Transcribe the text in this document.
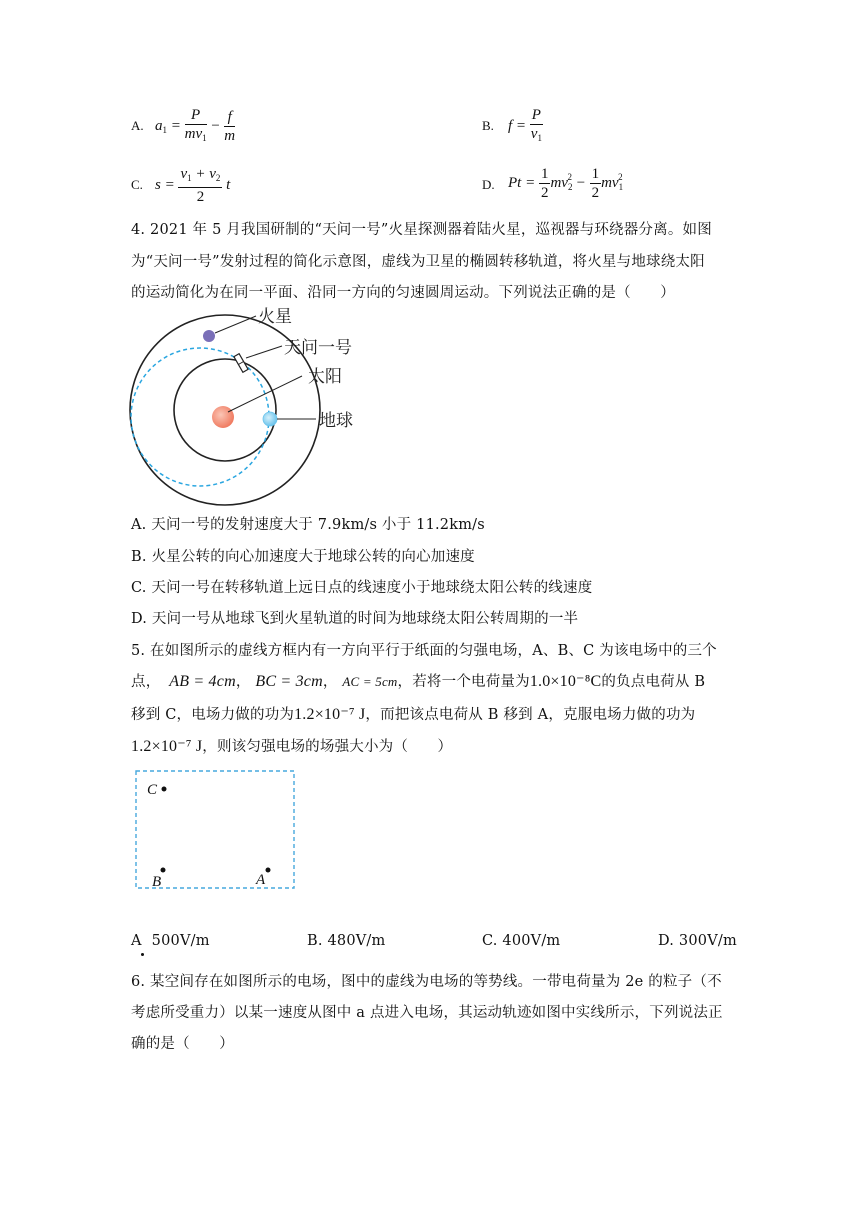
A. $a_1 = \frac{P}{mv_1} - \frac{f}{m}$	B. $f = \frac{P}{v_1}$
C. $s = \frac{v_1 + v_2}{2}$ t	D. $Pt = \frac{1}{2} mv_2^2 - \frac{1}{2} mv_1^2$
4. 2021 年 5 月我国研制的“天问一号”火星探测器着陆火星，巡视器与环绕器分离。如图
为“天问一号”发射过程的简化示意图，虚线为卫星的椭圆转移轨道，将火星与地球绕太阳
的运动简化为在同一平面、沿同一方向的匀速圆周运动。下列说法正确的是（　　）
火星
天问一号
太阳
地球
A. 天问一号的发射速度大于 7.9km/s 小于 11.2km/s
B. 火星公转的向心加速度大于地球公转的向心加速度
C. 天问一号在转移轨道上远日点的线速度小于地球绕太阳公转的线速度
D. 天问一号从地球飞到火星轨道的时间为地球绕太阳公转周期的一半
5. 在如图所示的虚线方框内有一方向平行于纸面的匀强电场，A、B、C 为该电场中的三个
点， AB = 4cm， BC = 3cm， AC = 5cm，若将一个电荷量为1.0×10⁻⁸C的负点电荷从 B
移到 C，电场力做的功为1.2×10⁻⁷ J，而把该点电荷从 B 移到 A，克服电场力做的功为
1.2×10⁻⁷ J，则该匀强电场的场强大小为（　　）
C
B	A
A 500V/m	B. 480V/m	C. 400V/m	D. 300V/m
6. 某空间存在如图所示的电场，图中的虚线为电场的等势线。一带电荷量为 2e 的粒子（不
考虑所受重力）以某一速度从图中 a 点进入电场，其运动轨迹如图中实线所示，下列说法正
确的是（　　）
